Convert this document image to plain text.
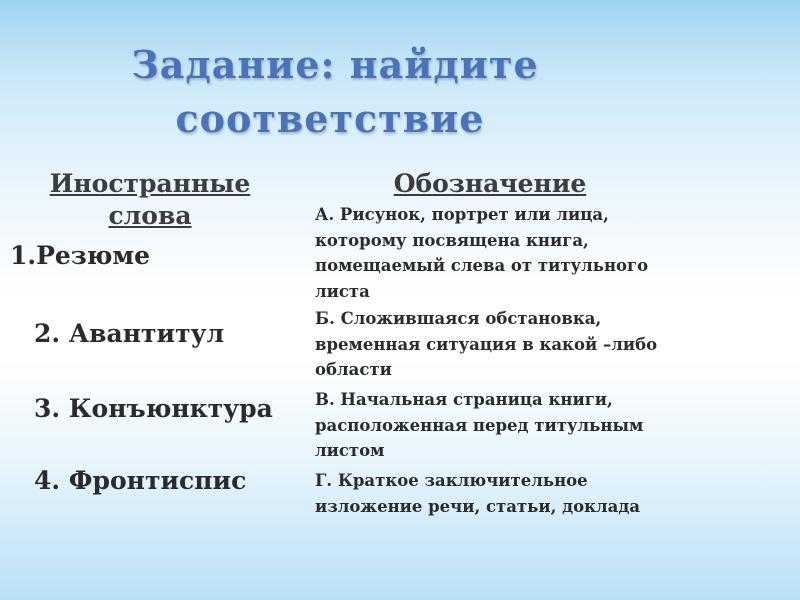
Задание: найдите
соответствие
Иностранные слова
Обозначение
1.Резюме
2. Авантитул
3. Конъюнктура
4. Фронтиспис
А. Рисунок, портрет или лица, которому посвящена книга, помещаемый слева от титульного листа
Б. Сложившаяся обстановка, временная ситуация в какой –либо области
В. Начальная страница книги, расположенная перед титульным листом
Г. Краткое заключительное изложение речи, статьи, доклада
